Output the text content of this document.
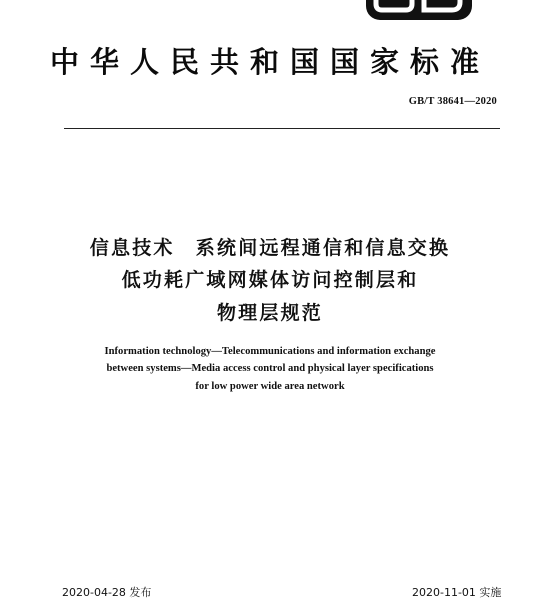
中华人民共和国国家标准
GB/T 38641—2020
信息技术　系统间远程通信和信息交换
低功耗广域网媒体访问控制层和
物理层规范
Information technology—Telecommunications and information exchange
between systems—Media access control and physical layer specifications
for low power wide area network
2020-04-28 发布	2020-11-01 实施
